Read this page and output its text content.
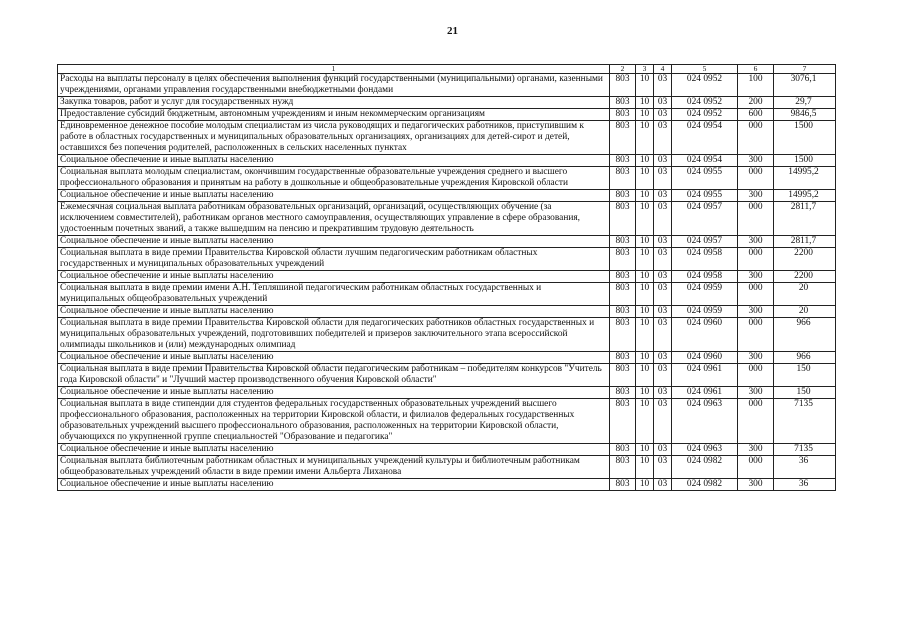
21
1	2	3	4	5	6	7
Расходы на выплаты персоналу в целях обеспечения выполнения функций государственными (муниципальными) органами, казенными учреждениями, органами управления государственными внебюджетными фондами	803	10	03	024 0952	100	3076,1
Закупка товаров, работ и услуг для государственных нужд	803	10	03	024 0952	200	29,7
Предоставление субсидий бюджетным, автономным учреждениям и иным некоммерческим организациям	803	10	03	024 0952	600	9846,5
Единовременное денежное пособие молодым специалистам из числа руководящих и педагогических работников, приступившим к работе в областных государственных и муниципальных образовательных организациях, организациях для детей-сирот и детей, оставшихся без попечения родителей, расположенных в сельских населенных пунктах	803	10	03	024 0954	000	1500
Социальное обеспечение и иные выплаты населению	803	10	03	024 0954	300	1500
Социальная выплата молодым специалистам, окончившим государственные образовательные учреждения среднего и высшего профессионального образования и принятым на работу в дошкольные и общеобразовательные учреждения Кировской области	803	10	03	024 0955	000	14995,2
Социальное обеспечение и иные выплаты населению	803	10	03	024 0955	300	14995,2
Ежемесячная социальная выплата работникам образовательных организаций, организаций, осуществляющих обучение (за исключением совместителей), работникам органов местного самоуправления, осуществляющих управление в сфере образования, удостоенным почетных званий, а также вышедшим на пенсию и прекратившим трудовую деятельность	803	10	03	024 0957	000	2811,7
Социальное обеспечение и иные выплаты населению	803	10	03	024 0957	300	2811,7
Социальная выплата в виде премии Правительства Кировской области лучшим педагогическим работникам областных государственных и муниципальных образовательных учреждений	803	10	03	024 0958	000	2200
Социальное обеспечение и иные выплаты населению	803	10	03	024 0958	300	2200
Социальная выплата в виде премии имени А.Н. Тепляшиной педагогическим работникам областных государственных и муниципальных общеобразовательных учреждений	803	10	03	024 0959	000	20
Социальное обеспечение и иные выплаты населению	803	10	03	024 0959	300	20
Социальная выплата в виде премии Правительства Кировской области для педагогических работников областных государственных и муниципальных образовательных учреждений, подготовивших победителей и призеров заключительного этапа всероссийской олимпиады школьников и (или) международных олимпиад	803	10	03	024 0960	000	966
Социальное обеспечение и иные выплаты населению	803	10	03	024 0960	300	966
Социальная выплата в виде премии Правительства Кировской области педагогическим работникам – победителям конкурсов "Учитель года Кировской области" и "Лучший мастер производственного обучения Кировской области"	803	10	03	024 0961	000	150
Социальное обеспечение и иные выплаты населению	803	10	03	024 0961	300	150
Социальная выплата в виде стипендии для студентов федеральных государственных образовательных учреждений высшего профессионального образования, расположенных на территории Кировской области, и филиалов федеральных государственных образовательных учреждений высшего профессионального образования, расположенных на территории Кировской области, обучающихся по укрупненной группе специальностей "Образование и педагогика"	803	10	03	024 0963	000	7135
Социальное обеспечение и иные выплаты населению	803	10	03	024 0963	300	7135
Социальная выплата библиотечным работникам областных и муниципальных учреждений культуры и библиотечным работникам общеобразовательных учреждений области в виде премии имени Альберта Лиханова	803	10	03	024 0982	000	36
Социальное обеспечение и иные выплаты населению	803	10	03	024 0982	300	36
